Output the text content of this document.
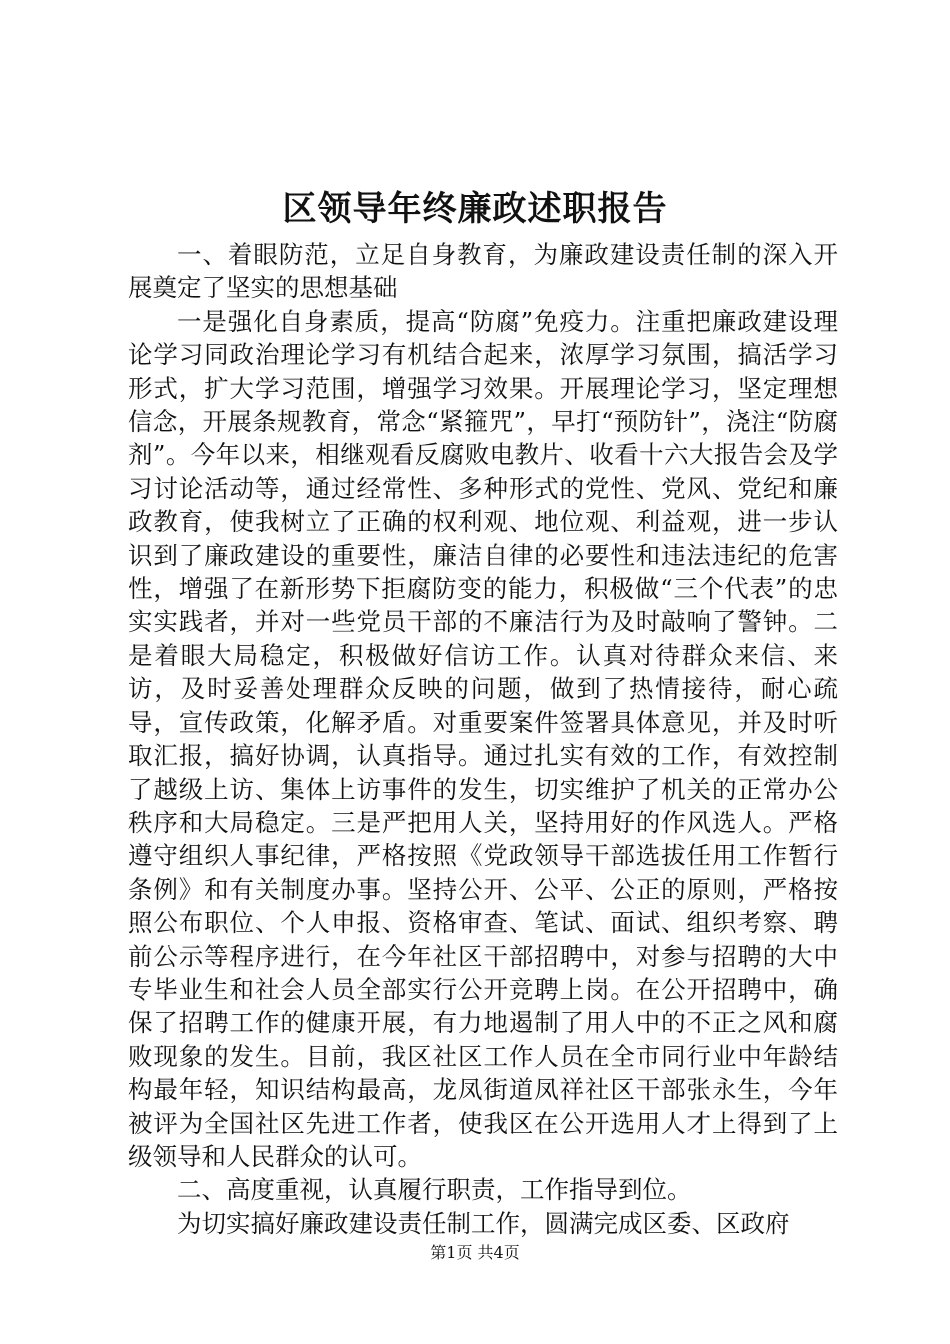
区领导年终廉政述职报告

一、着眼防范，立足自身教育，为廉政建设责任制的深入开展奠定了坚实的思想基础

一是强化自身素质，提高“防腐”免疫力。注重把廉政建设理论学习同政治理论学习有机结合起来，浓厚学习氛围，搞活学习形式，扩大学习范围，增强学习效果。开展理论学习，坚定理想信念，开展条规教育，常念“紧箍咒”，早打“预防针”，浇注“防腐剂”。今年以来，相继观看反腐败电教片、收看十六大报告会及学习讨论活动等，通过经常性、多种形式的党性、党风、党纪和廉政教育，使我树立了正确的权利观、地位观、利益观，进一步认识到了廉政建设的重要性，廉洁自律的必要性和违法违纪的危害性，增强了在新形势下拒腐防变的能力，积极做“三个代表”的忠实实践者，并对一些党员干部的不廉洁行为及时敲响了警钟。二是着眼大局稳定，积极做好信访工作。认真对待群众来信、来访，及时妥善处理群众反映的问题，做到了热情接待，耐心疏导，宣传政策，化解矛盾。对重要案件签署具体意见，并及时听取汇报，搞好协调，认真指导。通过扎实有效的工作，有效控制了越级上访、集体上访事件的发生，切实维护了机关的正常办公秩序和大局稳定。三是严把用人关，坚持用好的作风选人。严格遵守组织人事纪律，严格按照《党政领导干部选拔任用工作暂行条例》和有关制度办事。坚持公开、公平、公正的原则，严格按照公布职位、个人申报、资格审查、笔试、面试、组织考察、聘前公示等程序进行，在今年社区干部招聘中，对参与招聘的大中专毕业生和社会人员全部实行公开竞聘上岗。在公开招聘中，确保了招聘工作的健康开展，有力地遏制了用人中的不正之风和腐败现象的发生。目前，我区社区工作人员在全市同行业中年龄结构最年轻，知识结构最高，龙凤街道凤祥社区干部张永生，今年被评为全国社区先进工作者，使我区在公开选用人才上得到了上级领导和人民群众的认可。

二、高度重视，认真履行职责，工作指导到位。

为切实搞好廉政建设责任制工作，圆满完成区委、区政府

第1页 共4页
